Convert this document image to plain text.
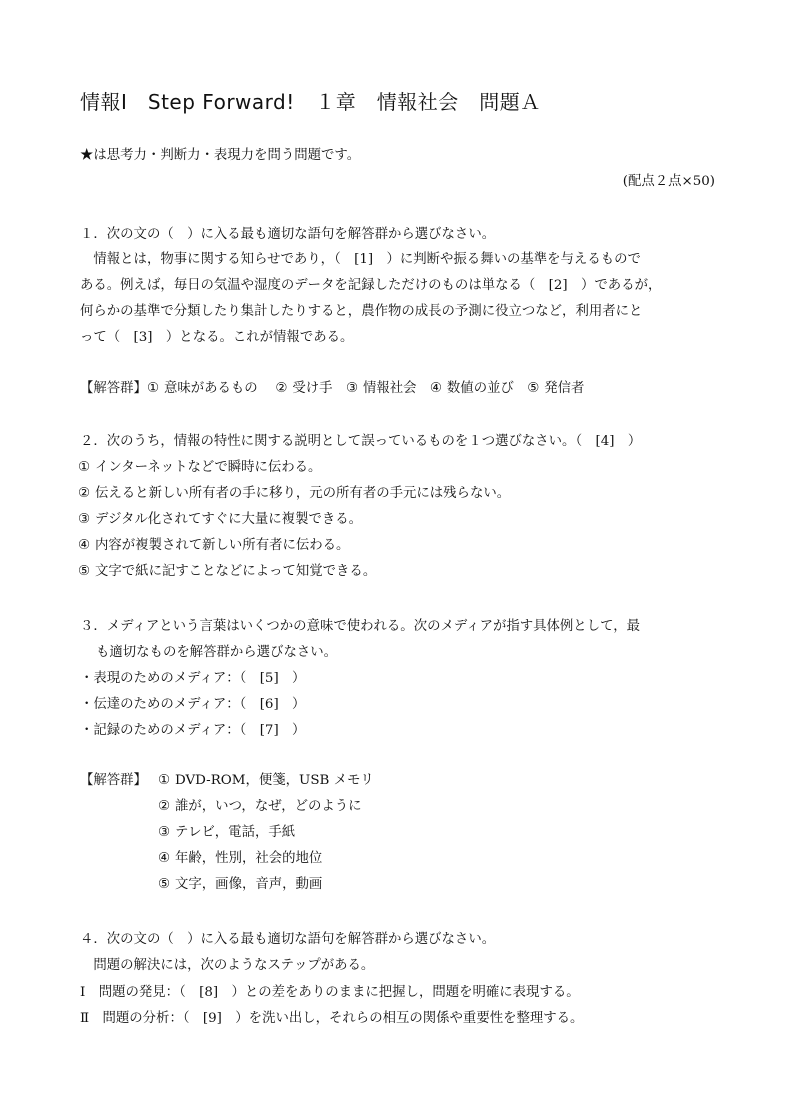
情報Ⅰ　Step Forward!　１章　情報社会　問題Ａ
★は思考力・判断力・表現力を問う問題です。
(配点２点×50)
１．次の文の（　）に入る最も適切な語句を解答群から選びなさい。
　情報とは，物事に関する知らせであり，（　[1]　）に判断や振る舞いの基準を与えるもので
ある。例えば，毎日の気温や湿度のデータを記録しただけのものは単なる（　[2]　）であるが，
何らかの基準で分類したり集計したりすると，農作物の成長の予測に役立つなど，利用者にと
って（　[3]　）となる。これが情報である。
【解答群】① 意味があるもの　 ② 受け手　 ③ 情報社会　 ④ 数値の並び　 ⑤ 発信者
２．次のうち，情報の特性に関する説明として誤っているものを１つ選びなさい。（　[4]　）
① インターネットなどで瞬時に伝わる。
② 伝えると新しい所有者の手に移り，元の所有者の手元には残らない。
③ デジタル化されてすぐに大量に複製できる。
④ 内容が複製されて新しい所有者に伝わる。
⑤ 文字で紙に記すことなどによって知覚できる。
３．メディアという言葉はいくつかの意味で使われる。次のメディアが指す具体例として，最
も適切なものを解答群から選びなさい。
・表現のためのメディア：（　[5]　）
・伝達のためのメディア：（　[6]　）
・記録のためのメディア：（　[7]　）
【解答群】 ① DVD-ROM，便箋，USB メモリ
② 誰が，いつ，なぜ，どのように
③ テレビ，電話，手紙
④ 年齢，性別，社会的地位
⑤ 文字，画像，音声，動画
４．次の文の（　）に入る最も適切な語句を解答群から選びなさい。
　問題の解決には，次のようなステップがある。
Ⅰ　 問題の発見：（　[8]　）との差をありのままに把握し，問題を明確に表現する。
Ⅱ　 問題の分析：（　[9]　）を洗い出し，それらの相互の関係や重要性を整理する。
